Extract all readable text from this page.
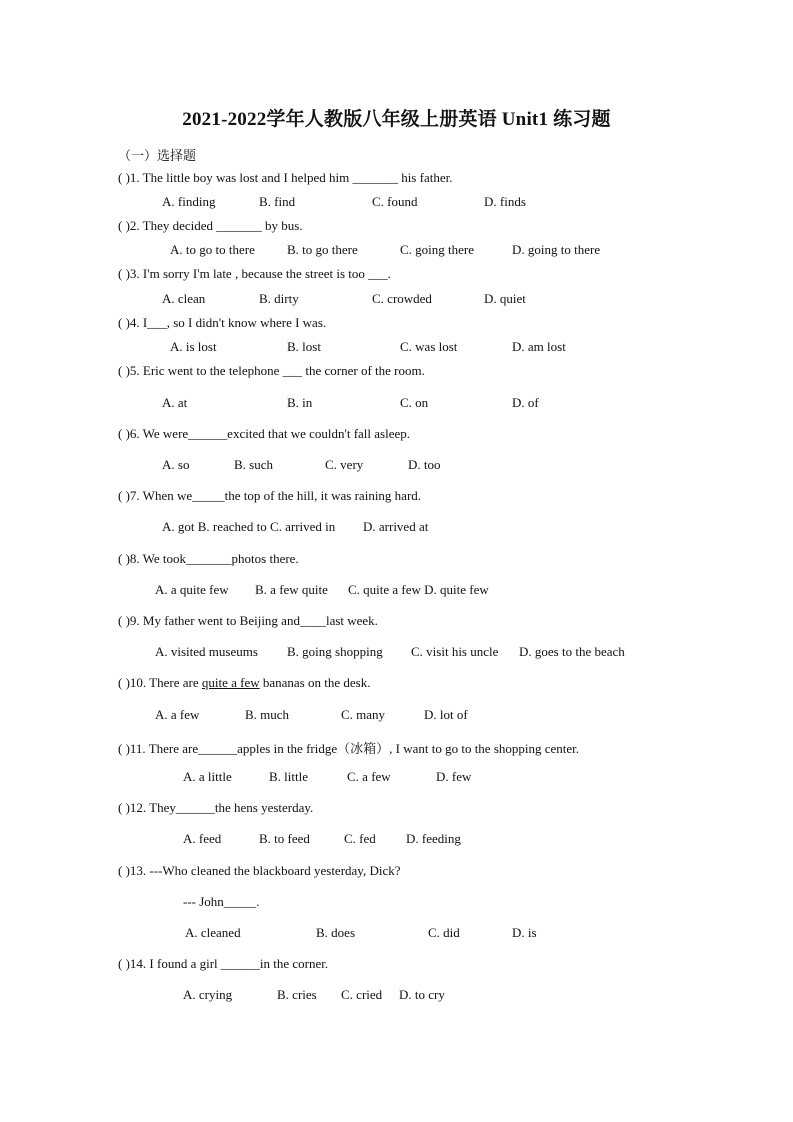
2021-2022学年人教版八年级上册英语 Unit1 练习题
（一）选择题
( )1. The little boy was lost and I helped him _______ his father.
A. finding	B. find	C. found	D. finds
( )2. They decided _______ by bus.
A. to go to there B. to go there	C. going there	D. going to there
( )3. I'm sorry I'm late , because the street is too ___.
A. clean	B. dirty	C. crowded	D. quiet
( )4. I___, so I didn't know where I was.
A. is lost	B. lost	C. was lost	D. am lost
( )5. Eric went to the telephone ___ the corner of the room.
A. at	B. in	C. on	D. of
( )6. We were______excited that we couldn't fall asleep.
A. so	B. such	C. very	D. too
( )7. When we_____the top of the hill, it was raining hard.
A. got B. reached to C. arrived in D. arrived at
( )8. We took_______photos there.
A. a quite few B. a few quite C. quite a few D. quite few
( )9. My father went to Beijing and____last week.
A. visited museums B. going shopping C. visit his uncle D. goes to the beach
( )10. There are quite a few bananas on the desk.
A. a few	B. much	C. many	D. lot of
( )11. There are______apples in the fridge（冰箱）, I want to go to the shopping center.
A. a little	B. little	C. a few	D. few
( )12. They______the hens yesterday.
A. feed	B. to feed	C. fed D. feeding
( )13. ---Who cleaned the blackboard yesterday, Dick?
--- John_____.
A. cleaned	B. does	C. did	D. is
( )14. I found a girl ______in the corner.
A. crying	B. cries C. cried D. to cry
